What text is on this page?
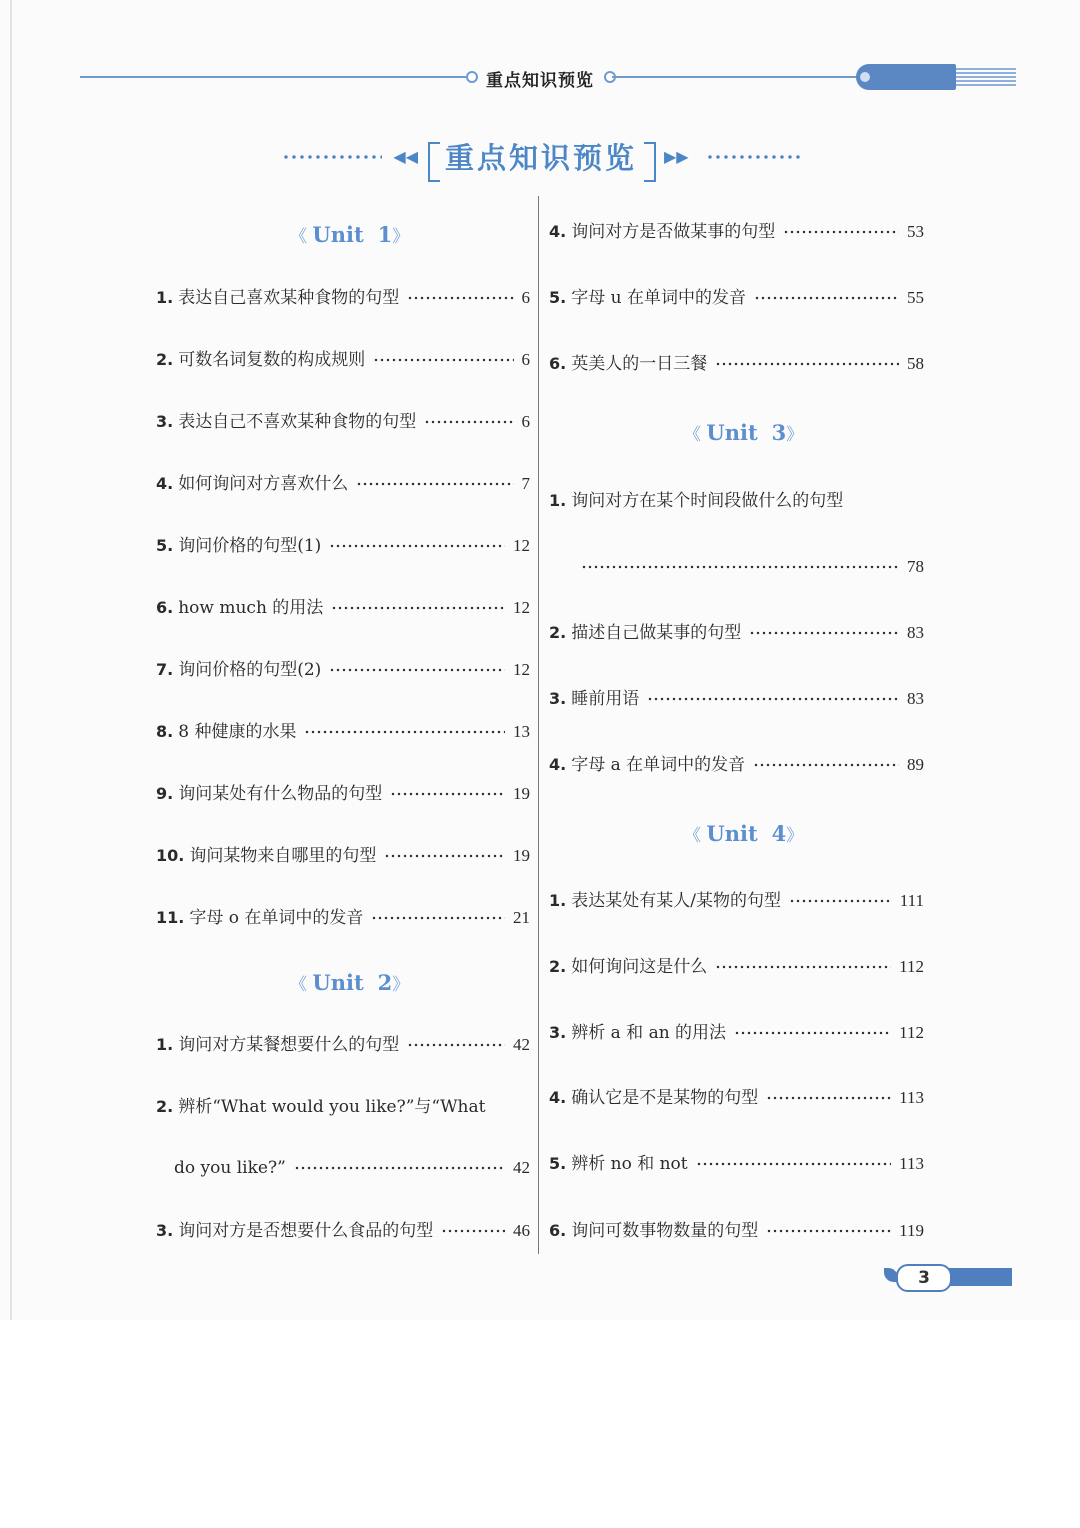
重点知识预览
◀◀ 重点知识预览	▶▶
《 Unit 1》
1. 表达自己喜欢某种食物的句型	6
2. 可数名词复数的构成规则	6
3. 表达自己不喜欢某种食物的句型	6
4. 如何询问对方喜欢什么	7
5. 询问价格的句型(1)	12
6. how much 的用法	12
7. 询问价格的句型(2)	12
8. 8 种健康的水果	13
9. 询问某处有什么物品的句型	19
10. 询问某物来自哪里的句型	19
11. 字母 o 在单词中的发音	21
《 Unit 2》
1. 询问对方某餐想要什么的句型	42
2. 辨析“What would you like?”与“What
do you like?”	42
3. 询问对方是否想要什么食品的句型	46
4. 询问对方是否做某事的句型	53
5. 字母 u 在单词中的发音	55
6. 英美人的一日三餐	58
《 Unit 3》
1. 询问对方在某个时间段做什么的句型
78
2. 描述自己做某事的句型	83
3. 睡前用语	83
4. 字母 a 在单词中的发音	89
《 Unit 4》
1. 表达某处有某人/某物的句型	111
2. 如何询问这是什么	112
3. 辨析 a 和 an 的用法	112
4. 确认它是不是某物的句型	113
5. 辨析 no 和 not	113
6. 询问可数事物数量的句型	119
3
